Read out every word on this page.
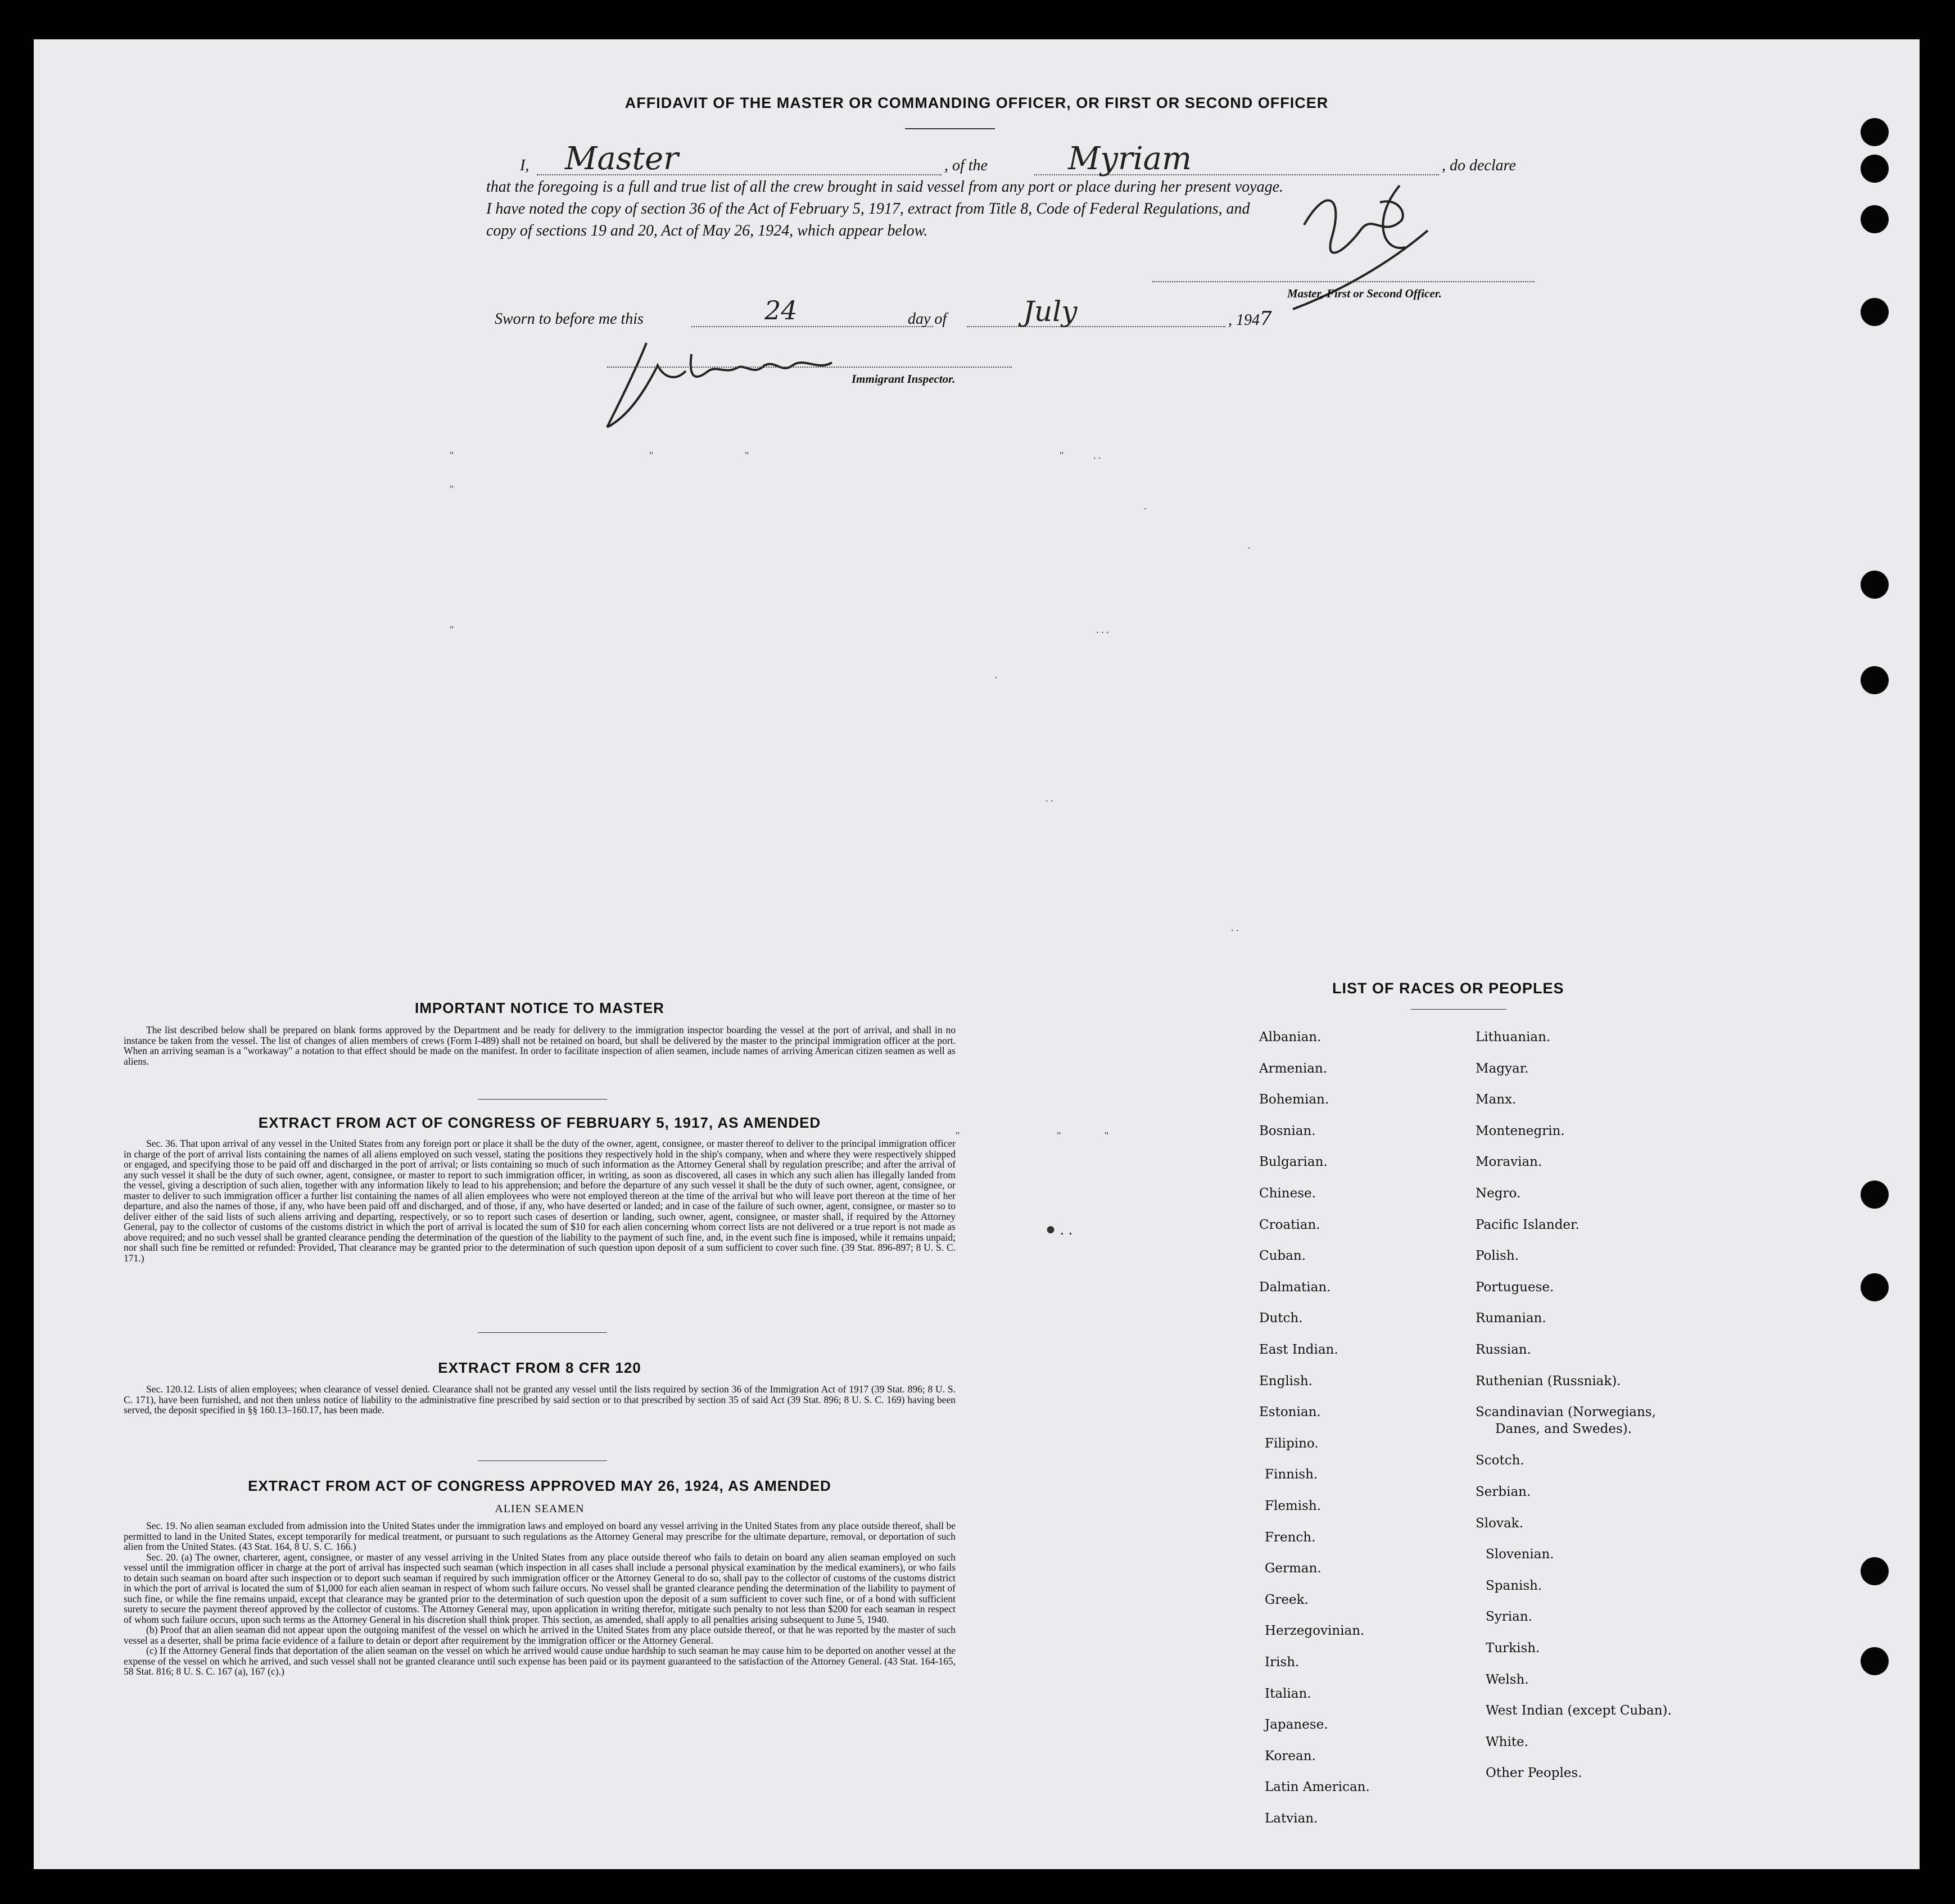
AFFIDAVIT OF THE MASTER OR COMMANDING OFFICER, OR FIRST OR SECOND OFFICER
I,	Master	, of the	Myriam	, do declare
that the foregoing is a full and true list of all the crew brought in said vessel from any port or place during her present voyage.
I have noted the copy of section 36 of the Act of February 5, 1917, extract from Title 8, Code of Federal Regulations, and
copy of sections 19 and 20, Act of May 26, 1924, which appear below.
Master, First or Second Officer.
Sworn to before me this	24	day of	July	, 1947
Immigrant Inspector.
"	"	"	"	. .
"
.
.
"	. . .
.
. .
. .
"	"	"
● . .
IMPORTANT NOTICE TO MASTER

The list described below shall be prepared on blank forms approved by the Department and be ready for delivery to the immigration inspector boarding the vessel at the port of arrival, and shall in no instance be taken from the vessel. The list of changes of alien members of crews (Form I-489) shall not be retained on board, but shall be delivered by the master to the principal immigration officer at the port. When an arriving seaman is a "workaway" a notation to that effect should be made on the manifest. In order to facilitate inspection of alien seamen, include names of arriving American citizen seamen as well as aliens.

EXTRACT FROM ACT OF CONGRESS OF FEBRUARY 5, 1917, AS AMENDED

Sec. 36. That upon arrival of any vessel in the United States from any foreign port or place it shall be the duty of the owner, agent, consignee, or master thereof to deliver to the principal immigration officer in charge of the port of arrival lists containing the names of all aliens employed on such vessel, stating the positions they respectively hold in the ship's company, when and where they were respectively shipped or engaged, and specifying those to be paid off and discharged in the port of arrival; or lists containing so much of such information as the Attorney General shall by regulation prescribe; and after the arrival of any such vessel it shall be the duty of such owner, agent, consignee, or master to report to such immigration officer, in writing, as soon as discovered, all cases in which any such alien has illegally landed from the vessel, giving a description of such alien, together with any information likely to lead to his apprehension; and before the departure of any such vessel it shall be the duty of such owner, agent, consignee, or master to deliver to such immigration officer a further list containing the names of all alien employees who were not employed thereon at the time of the arrival but who will leave port thereon at the time of her departure, and also the names of those, if any, who have been paid off and discharged, and of those, if any, who have deserted or landed; and in case of the failure of such owner, agent, consignee, or master so to deliver either of the said lists of such aliens arriving and departing, respectively, or so to report such cases of desertion or landing, such owner, agent, consignee, or master shall, if required by the Attorney General, pay to the collector of customs of the customs district in which the port of arrival is located the sum of $10 for each alien concerning whom correct lists are not delivered or a true report is not made as above required; and no such vessel shall be granted clearance pending the determination of the question of the liability to the payment of such fine, and, in the event such fine is imposed, while it remains unpaid; nor shall such fine be remitted or refunded: Provided, That clearance may be granted prior to the determination of such question upon deposit of a sum sufficient to cover such fine. (39 Stat. 896-897; 8 U. S. C. 171.)

EXTRACT FROM 8 CFR 120

Sec. 120.12. Lists of alien employees; when clearance of vessel denied. Clearance shall not be granted any vessel until the lists required by section 36 of the Immigration Act of 1917 (39 Stat. 896; 8 U. S. C. 171), have been furnished, and not then unless notice of liability to the administrative fine prescribed by said section or to that prescribed by section 35 of said Act (39 Stat. 896; 8 U. S. C. 169) having been served, the deposit specified in §§ 160.13–160.17, has been made.

EXTRACT FROM ACT OF CONGRESS APPROVED MAY 26, 1924, AS AMENDED
ALIEN SEAMEN

Sec. 19. No alien seaman excluded from admission into the United States under the immigration laws and employed on board any vessel arriving in the United States from any place outside thereof, shall be permitted to land in the United States, except temporarily for medical treatment, or pursuant to such regulations as the Attorney General may prescribe for the ultimate departure, removal, or deportation of such alien from the United States. (43 Stat. 164, 8 U. S. C. 166.)

Sec. 20. (a) The owner, charterer, agent, consignee, or master of any vessel arriving in the United States from any place outside thereof who fails to detain on board any alien seaman employed on such vessel until the immigration officer in charge at the port of arrival has inspected such seaman (which inspection in all cases shall include a personal physical examination by the medical examiners), or who fails to detain such seaman on board after such inspection or to deport such seaman if required by such immigration officer or the Attorney General to do so, shall pay to the collector of customs of the customs district in which the port of arrival is located the sum of $1,000 for each alien seaman in respect of whom such failure occurs. No vessel shall be granted clearance pending the determination of the liability to payment of such fine, or while the fine remains unpaid, except that clearance may be granted prior to the determination of such question upon the deposit of a sum sufficient to cover such fine, or of a bond with sufficient surety to secure the payment thereof approved by the collector of customs. The Attorney General may, upon application in writing therefor, mitigate such penalty to not less than $200 for each seaman in respect of whom such failure occurs, upon such terms as the Attorney General in his discretion shall think proper. This section, as amended, shall apply to all penalties arising subsequent to June 5, 1940.

(b) Proof that an alien seaman did not appear upon the outgoing manifest of the vessel on which he arrived in the United States from any place outside thereof, or that he was reported by the master of such vessel as a deserter, shall be prima facie evidence of a failure to detain or deport after requirement by the immigration officer or the Attorney General.

(c) If the Attorney General finds that deportation of the alien seaman on the vessel on which he arrived would cause undue hardship to such seaman he may cause him to be deported on another vessel at the expense of the vessel on which he arrived, and such vessel shall not be granted clearance until such expense has been paid or its payment guaranteed to the satisfaction of the Attorney General. (43 Stat. 164-165, 58 Stat. 816; 8 U. S. C. 167 (a), 167 (c).)

LIST OF RACES OR PEOPLES
Albanian.
Armenian.
Bohemian.
Bosnian.
Bulgarian.
Chinese.
Croatian.
Cuban.
Dalmatian.
Dutch.
East Indian.
English.
Estonian.
Filipino.
Finnish.
Flemish.
French.
German.
Greek.
Herzegovinian.
Irish.
Italian.
Japanese.
Korean.
Latin American.
Latvian.
Lithuanian.
Magyar.
Manx.
Montenegrin.
Moravian.
Negro.
Pacific Islander.
Polish.
Portuguese.
Rumanian.
Russian.
Ruthenian (Russniak).
Scandinavian (Norwegians,
Danes, and Swedes).
Scotch.
Serbian.
Slovak.
Slovenian.
Spanish.
Syrian.
Turkish.
Welsh.
West Indian (except Cuban).
White.
Other Peoples.
